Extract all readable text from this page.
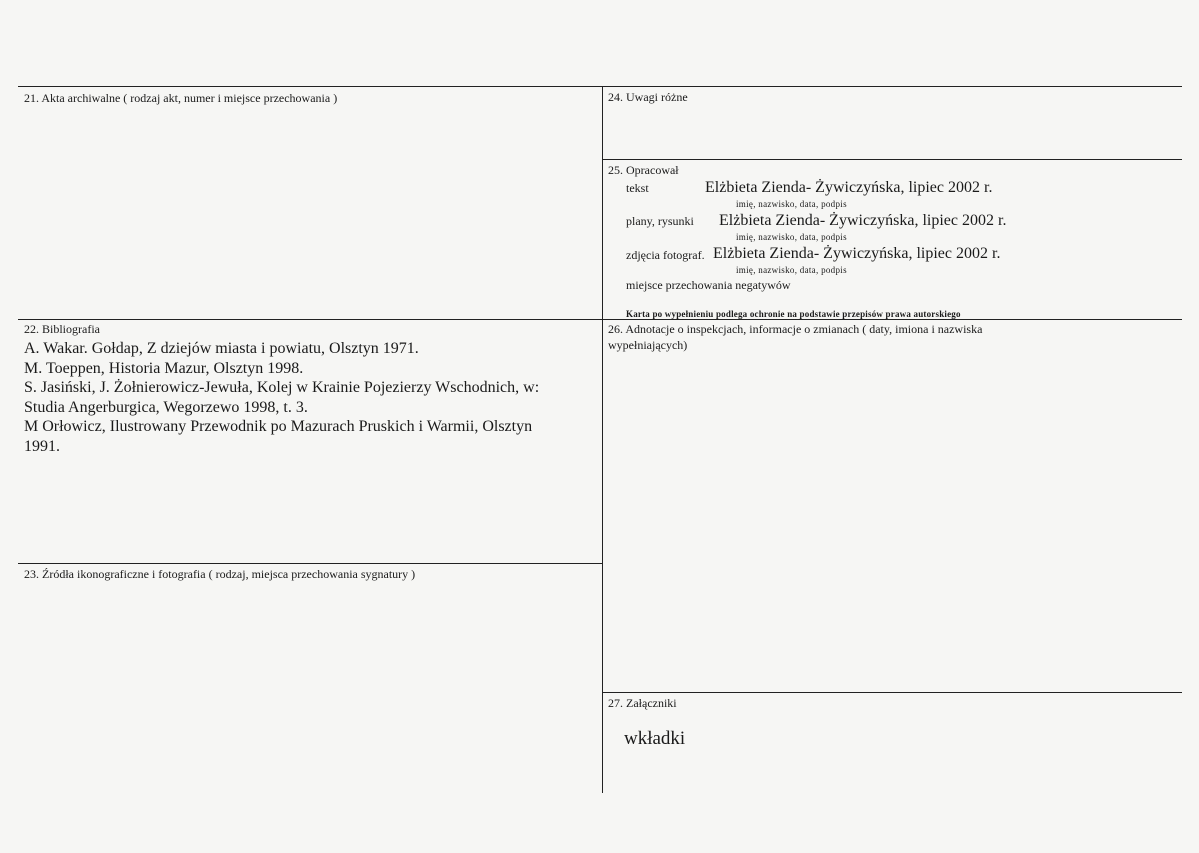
21. Akta archiwalne ( rodzaj akt, numer i miejsce przechowania )
22. Bibliografia
A. Wakar. Gołdap, Z dziejów miasta i powiatu, Olsztyn 1971.
M. Toeppen, Historia Mazur, Olsztyn 1998.
S. Jasiński, J. Żołnierowicz-Jewuła, Kolej w Krainie Pojezierzy Wschodnich, w:
Studia Angerburgica, Wegorzewo 1998, t. 3.
M Orłowicz, Ilustrowany Przewodnik po Mazurach Pruskich i Warmii, Olsztyn
1991.
23. Źródła ikonograficzne i fotografia ( rodzaj, miejsca przechowania sygnatury )
24. Uwagi różne
25. Opracował
tekst	Elżbieta Zienda- Żywiczyńska, lipiec 2002 r.
imię, nazwisko, data, podpis
plany, rysunki Elżbieta Zienda- Żywiczyńska, lipiec 2002 r.
imię, nazwisko, data, podpis
zdjęcia fotograf. Elżbieta Zienda- Żywiczyńska, lipiec 2002 r.
imię, nazwisko, data, podpis
miejsce przechowania negatywów
Karta po wypełnieniu podlega ochronie na podstawie przepisów prawa autorskiego
26. Adnotacje o inspekcjach, informacje o zmianach ( daty, imiona i nazwiska
wypełniających)
27. Załączniki
wkładki
